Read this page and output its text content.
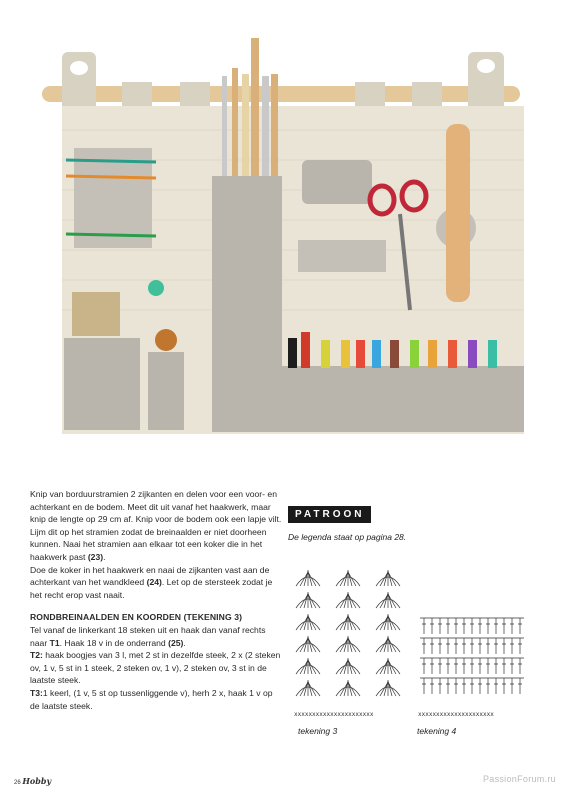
Knip van borduurstramien 2 zijkanten en delen voor een voor- en achterkant en de bodem. Meet dit uit vanaf het haakwerk, maar knip de lengte op 29 cm af. Knip voor de bodem ook een lapje vilt. Lijm dit op het stramien zodat de breinaalden er niet doorheen kunnen. Naai het stramien aan elkaar tot een koker die in het haakwerk past (23).

Doe de koker in het haakwerk en naai de zijkanten vast aan de achterkant van het wandkleed (24). Let op de stersteek zodat je het recht erop vast naait.

RONDBREINAALDEN EN KOORDEN (TEKENING 3)

Tel vanaf de linkerkant 18 steken uit en haak dan vanaf rechts naar T1. Haak 18 v in de onderrand (25).

T2: haak boogjes van 3 l, met 2 st in dezelfde steek, 2 x (2 steken ov, 1 v, 5 st in 1 steek, 2 steken ov, 1 v), 2 steken ov, 3 st in de laatste steek.

T3:1 keerl, (1 v, 5 st op tussenliggende v), herh 2 x, haak 1 v op de laatste steek.

PATROON
De legenda staat op pagina 28.
xxxxxxxxxxxxxxxxxxxxxx	xxxxxxxxxxxxxxxxxxxxx
tekening 3	tekening 4
26 Hobby	PassionForum.ru
